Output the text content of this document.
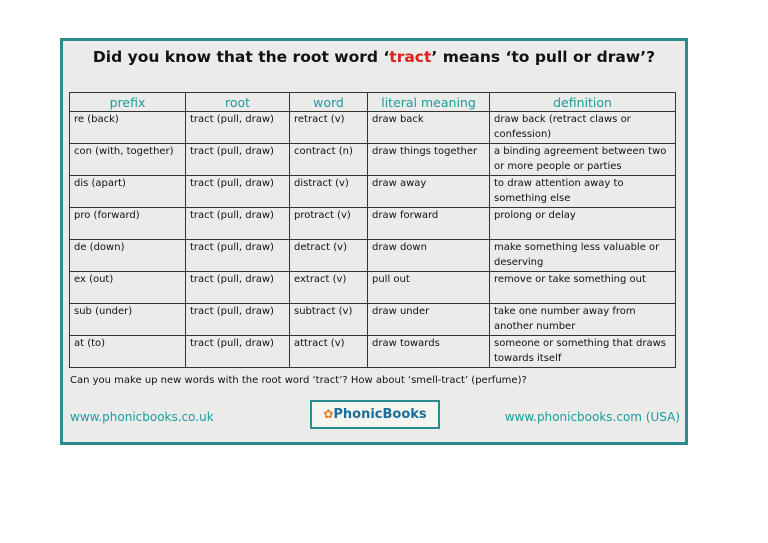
Did you know that the root word ‘tract’ means ‘to pull or draw’?
prefix	root	word	literal meaning	definition
re (back)	tract (pull, draw)	retract (v)	draw back	draw back (retract claws or confession)
con (with, together)	tract (pull, draw)	contract (n)	draw things together	a binding agreement between two or more people or parties
dis (apart)	tract (pull, draw)	distract (v)	draw away	to draw attention away to something else
pro (forward)	tract (pull, draw)	protract (v)	draw forward	prolong or delay
de (down)	tract (pull, draw)	detract (v)	draw down	make something less valuable or deserving
ex (out)	tract (pull, draw)	extract (v)	pull out	remove or take something out
sub (under)	tract (pull, draw)	subtract (v)	draw under	take one number away from another number
at (to)	tract (pull, draw)	attract (v)	draw towards	someone or something that draws towards itself
Can you make up new words with the root word ‘tract’? How about ‘smell-tract’ (perfume)?
www.phonicbooks.co.uk	✿PhonicBooks	www.phonicbooks.com (USA)
